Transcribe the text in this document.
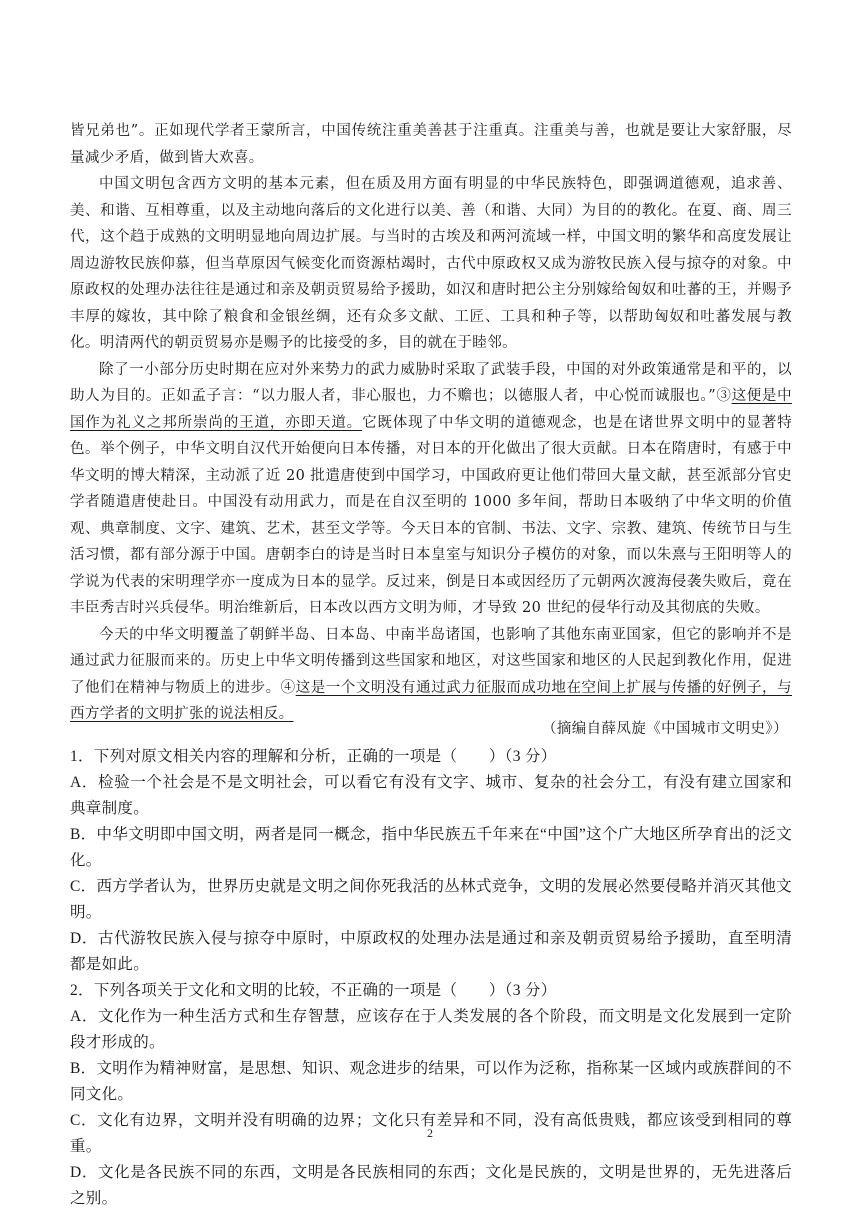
皆兄弟也”。正如现代学者王蒙所言，中国传统注重美善甚于注重真。注重美与善，也就是要让大家舒服，尽量减少矛盾，做到皆大欢喜。

中国文明包含西方文明的基本元素，但在质及用方面有明显的中华民族特色，即强调道德观，追求善、美、和谐、互相尊重，以及主动地向落后的文化进行以美、善（和谐、大同）为目的的教化。在夏、商、周三代，这个趋于成熟的文明明显地向周边扩展。与当时的古埃及和两河流域一样，中国文明的繁华和高度发展让周边游牧民族仰慕，但当草原因气候变化而资源枯竭时，古代中原政权又成为游牧民族入侵与掠夺的对象。中原政权的处理办法往往是通过和亲及朝贡贸易给予援助，如汉和唐时把公主分别嫁给匈奴和吐蕃的王，并赐予丰厚的嫁妆，其中除了粮食和金银丝绸，还有众多文献、工匠、工具和种子等，以帮助匈奴和吐蕃发展与教化。明清两代的朝贡贸易亦是赐予的比接受的多，目的就在于睦邻。

除了一小部分历史时期在应对外来势力的武力威胁时采取了武装手段，中国的对外政策通常是和平的，以助人为目的。正如孟子言：“以力服人者，非心服也，力不赡也；以德服人者，中心悦而诚服也。”③这便是中国作为礼义之邦所崇尚的王道，亦即天道。它既体现了中华文明的道德观念，也是在诸世界文明中的显著特色。举个例子，中华文明自汉代开始便向日本传播，对日本的开化做出了很大贡献。日本在隋唐时，有感于中华文明的博大精深，主动派了近 20 批遣唐使到中国学习，中国政府更让他们带回大量文献，甚至派部分官史学者随遣唐使赴日。中国没有动用武力，而是在自汉至明的 1000 多年间，帮助日本吸纳了中华文明的价值观、典章制度、文字、建筑、艺术，甚至文学等。今天日本的官制、书法、文字、宗教、建筑、传统节日与生活习惯，都有部分源于中国。唐朝李白的诗是当时日本皇室与知识分子模仿的对象，而以朱熹与王阳明等人的学说为代表的宋明理学亦一度成为日本的显学。反过来，倒是日本或因经历了元朝两次渡海侵袭失败后，竟在丰臣秀吉时兴兵侵华。明治维新后，日本改以西方文明为师，才导致 20 世纪的侵华行动及其彻底的失败。

今天的中华文明覆盖了朝鲜半岛、日本岛、中南半岛诸国，也影响了其他东南亚国家，但它的影响并不是通过武力征服而来的。历史上中华文明传播到这些国家和地区，对这些国家和地区的人民起到教化作用，促进了他们在精神与物质上的进步。④这是一个文明没有通过武力征服而成功地在空间上扩展与传播的好例子，与西方学者的文明扩张的说法相反。

（摘编自薛凤旋《中国城市文明史》）

1．下列对原文相关内容的理解和分析，正确的一项是（　　）（3 分）

A．检验一个社会是不是文明社会，可以看它有没有文字、城市、复杂的社会分工，有没有建立国家和典章制度。

B．中华文明即中国文明，两者是同一概念，指中华民族五千年来在“中国”这个广大地区所孕育出的泛文化。

C．西方学者认为，世界历史就是文明之间你死我活的丛林式竞争，文明的发展必然要侵略并消灭其他文明。

D．古代游牧民族入侵与掠夺中原时，中原政权的处理办法是通过和亲及朝贡贸易给予援助，直至明清都是如此。

2．下列各项关于文化和文明的比较，不正确的一项是（　　）（3 分）

A．文化作为一种生活方式和生存智慧，应该存在于人类发展的各个阶段，而文明是文化发展到一定阶段才形成的。

B．文明作为精神财富，是思想、知识、观念进步的结果，可以作为泛称，指称某一区域内或族群间的不同文化。

C．文化有边界，文明并没有明确的边界；文化只有差异和不同，没有高低贵贱，都应该受到相同的尊重。

D．文化是各民族不同的东西，文明是各民族相同的东西；文化是民族的，文明是世界的，无先进落后之别。

2
